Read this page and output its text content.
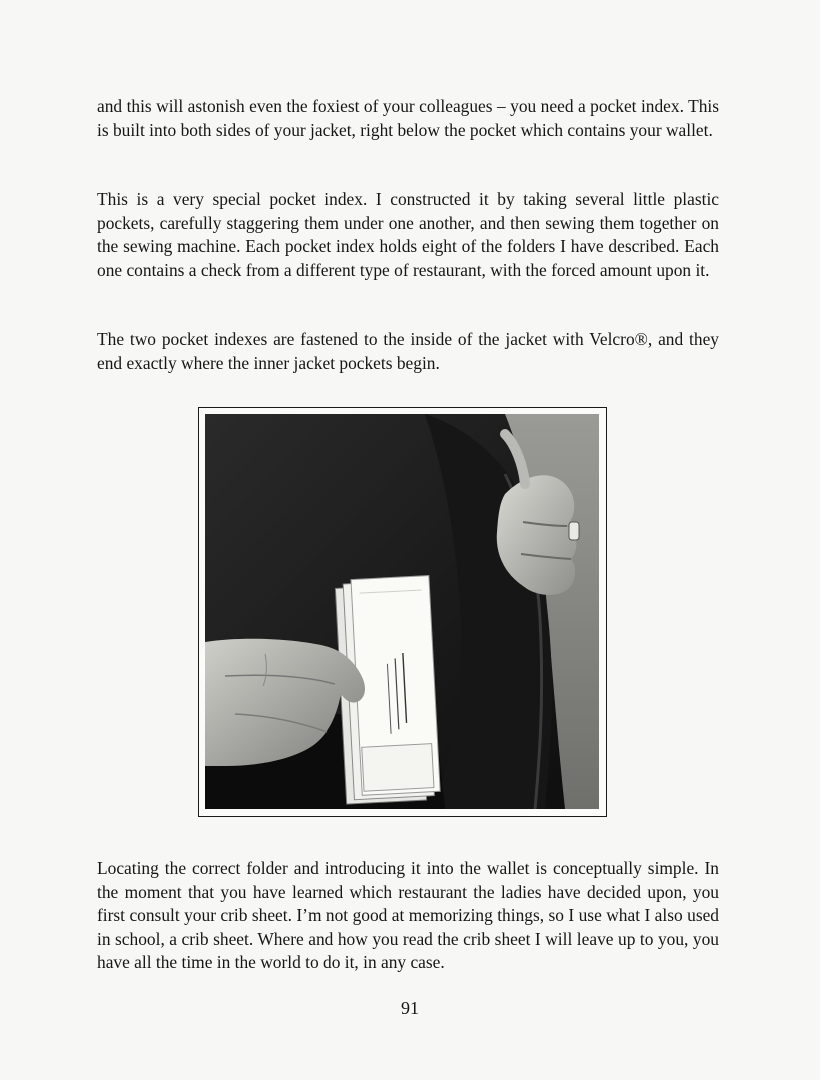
and this will astonish even the foxiest of your colleagues – you need a pocket index. This is built into both sides of your jacket, right below the pocket which contains your wallet.

This is a very special pocket index. I constructed it by taking several little plastic pockets, carefully staggering them under one another, and then sewing them together on the sewing machine. Each pocket index holds eight of the folders I have described. Each one contains a check from a different type of restaurant, with the forced amount upon it.

The two pocket indexes are fastened to the inside of the jacket with Velcro®, and they end exactly where the inner jacket pockets begin.

Locating the correct folder and introducing it into the wallet is conceptually simple. In the moment that you have learned which restaurant the ladies have decided upon, you first consult your crib sheet. I’m not good at memorizing things, so I use what I also used in school, a crib sheet. Where and how you read the crib sheet I will leave up to you, you have all the time in the world to do it, in any case.

91
